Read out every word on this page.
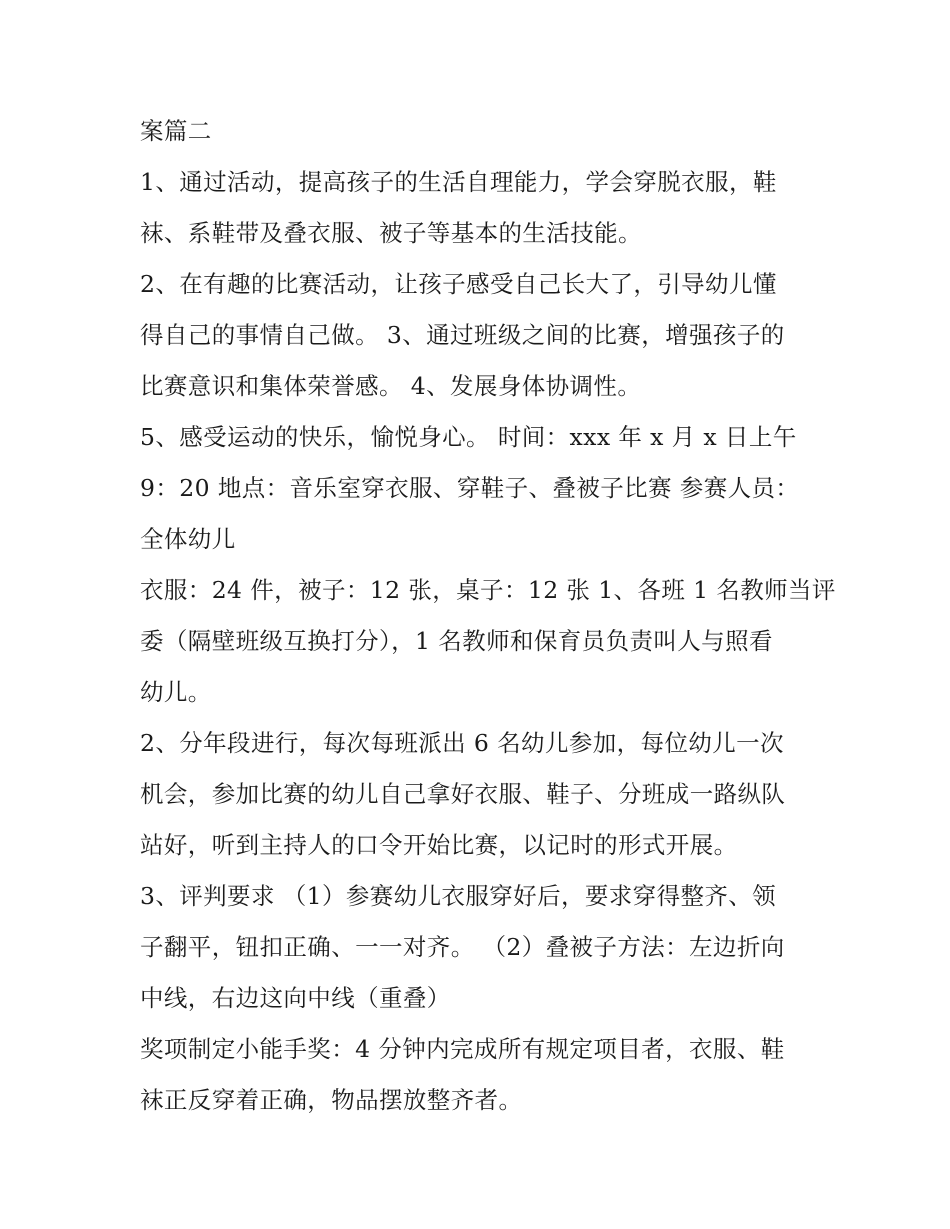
案篇二
1、通过活动，提高孩子的生活自理能力，学会穿脱衣服，鞋
袜、系鞋带及叠衣服、被子等基本的生活技能。
2、在有趣的比赛活动，让孩子感受自己长大了，引导幼儿懂
得自己的事情自己做。 3、通过班级之间的比赛，增强孩子的
比赛意识和集体荣誉感。 4、发展身体协调性。
5、感受运动的快乐，愉悦身心。 时间：xxx 年 x 月 x 日上午
9：20 地点：音乐室穿衣服、穿鞋子、叠被子比赛 参赛人员：
全体幼儿
衣服：24 件，被子：12 张，桌子：12 张 1、各班 1 名教师当评
委（隔壁班级互换打分），1 名教师和保育员负责叫人与照看
幼儿。
2、分年段进行，每次每班派出 6 名幼儿参加，每位幼儿一次
机会，参加比赛的幼儿自己拿好衣服、鞋子、分班成一路纵队
站好，听到主持人的口令开始比赛，以记时的形式开展。
3、评判要求 （1）参赛幼儿衣服穿好后，要求穿得整齐、领
子翻平，钮扣正确、一一对齐。 （2）叠被子方法：左边折向
中线，右边这向中线（重叠）
奖项制定小能手奖：4 分钟内完成所有规定项目者，衣服、鞋
袜正反穿着正确，物品摆放整齐者。
